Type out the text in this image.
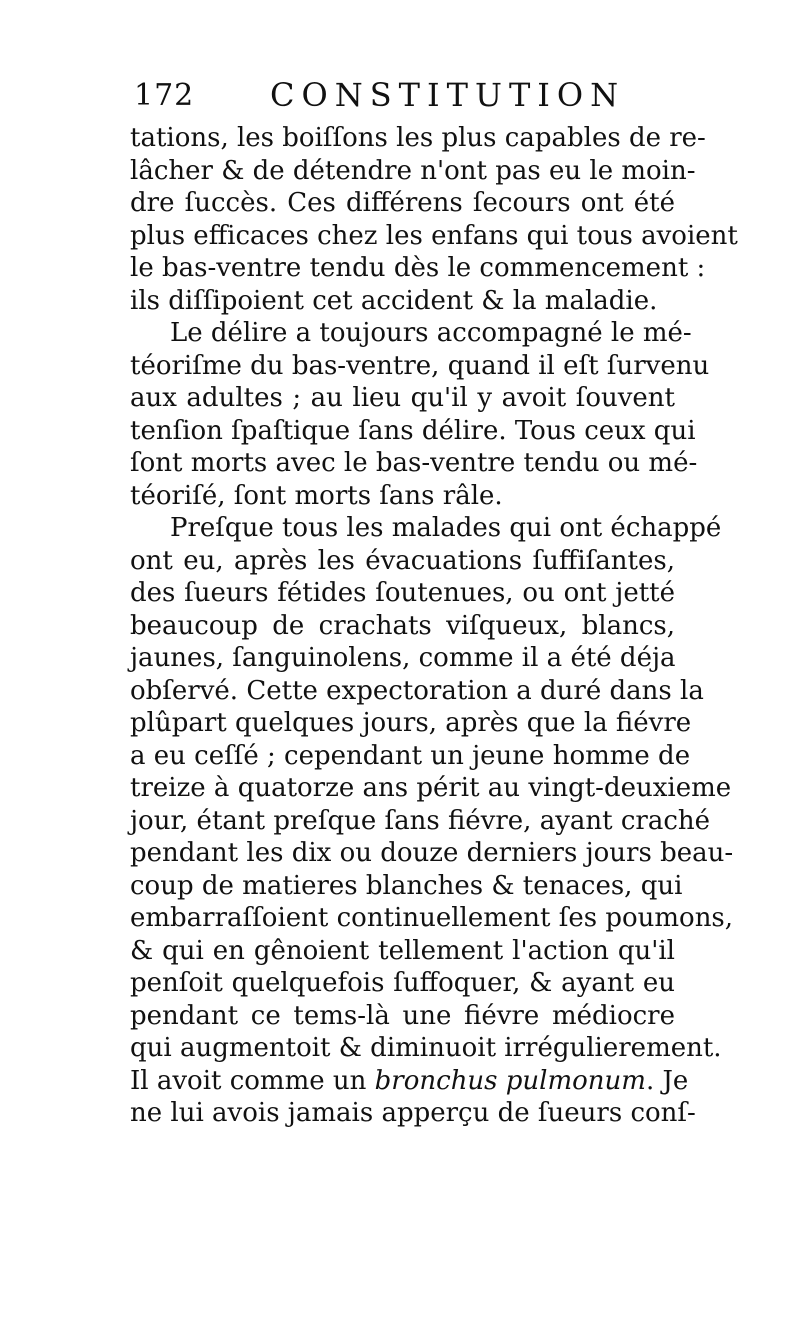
172 CONSTITUTION
tations, les boiſſons les plus capables de re-
lâcher & de détendre n'ont pas eu le moin-
dre ſuccès. Ces différens ſecours ont été
plus efficaces chez les enfans qui tous avoient
le bas-ventre tendu dès le commencement :
ils diſſipoient cet accident & la maladie.
Le délire a toujours accompagné le mé-
téoriſme du bas-ventre, quand il eſt ſurvenu
aux adultes ; au lieu qu'il y avoit ſouvent
tenſion ſpaſtique ſans délire. Tous ceux qui
ſont morts avec le bas-ventre tendu ou mé-
téoriſé, ſont morts ſans râle.
Preſque tous les malades qui ont échappé
ont eu, après les évacuations ſuffiſantes,
des ſueurs fétides ſoutenues, ou ont jetté
beaucoup de crachats viſqueux, blancs,
jaunes, ſanguinolens, comme il a été déja
obſervé. Cette expectoration a duré dans la
plûpart quelques jours, après que la fiévre
a eu ceſſé ; cependant un jeune homme de
treize à quatorze ans périt au vingt-deuxieme
jour, étant preſque ſans fiévre, ayant craché
pendant les dix ou douze derniers jours beau-
coup de matieres blanches & tenaces, qui
embarraſſoient continuellement ſes poumons,
& qui en gênoient tellement l'action qu'il
penſoit quelquefois ſuffoquer, & ayant eu
pendant ce tems-là une fiévre médiocre
qui augmentoit & diminuoit irrégulierement.
Il avoit comme un bronchus pulmonum. Je
ne lui avois jamais apperçu de ſueurs conſ-
